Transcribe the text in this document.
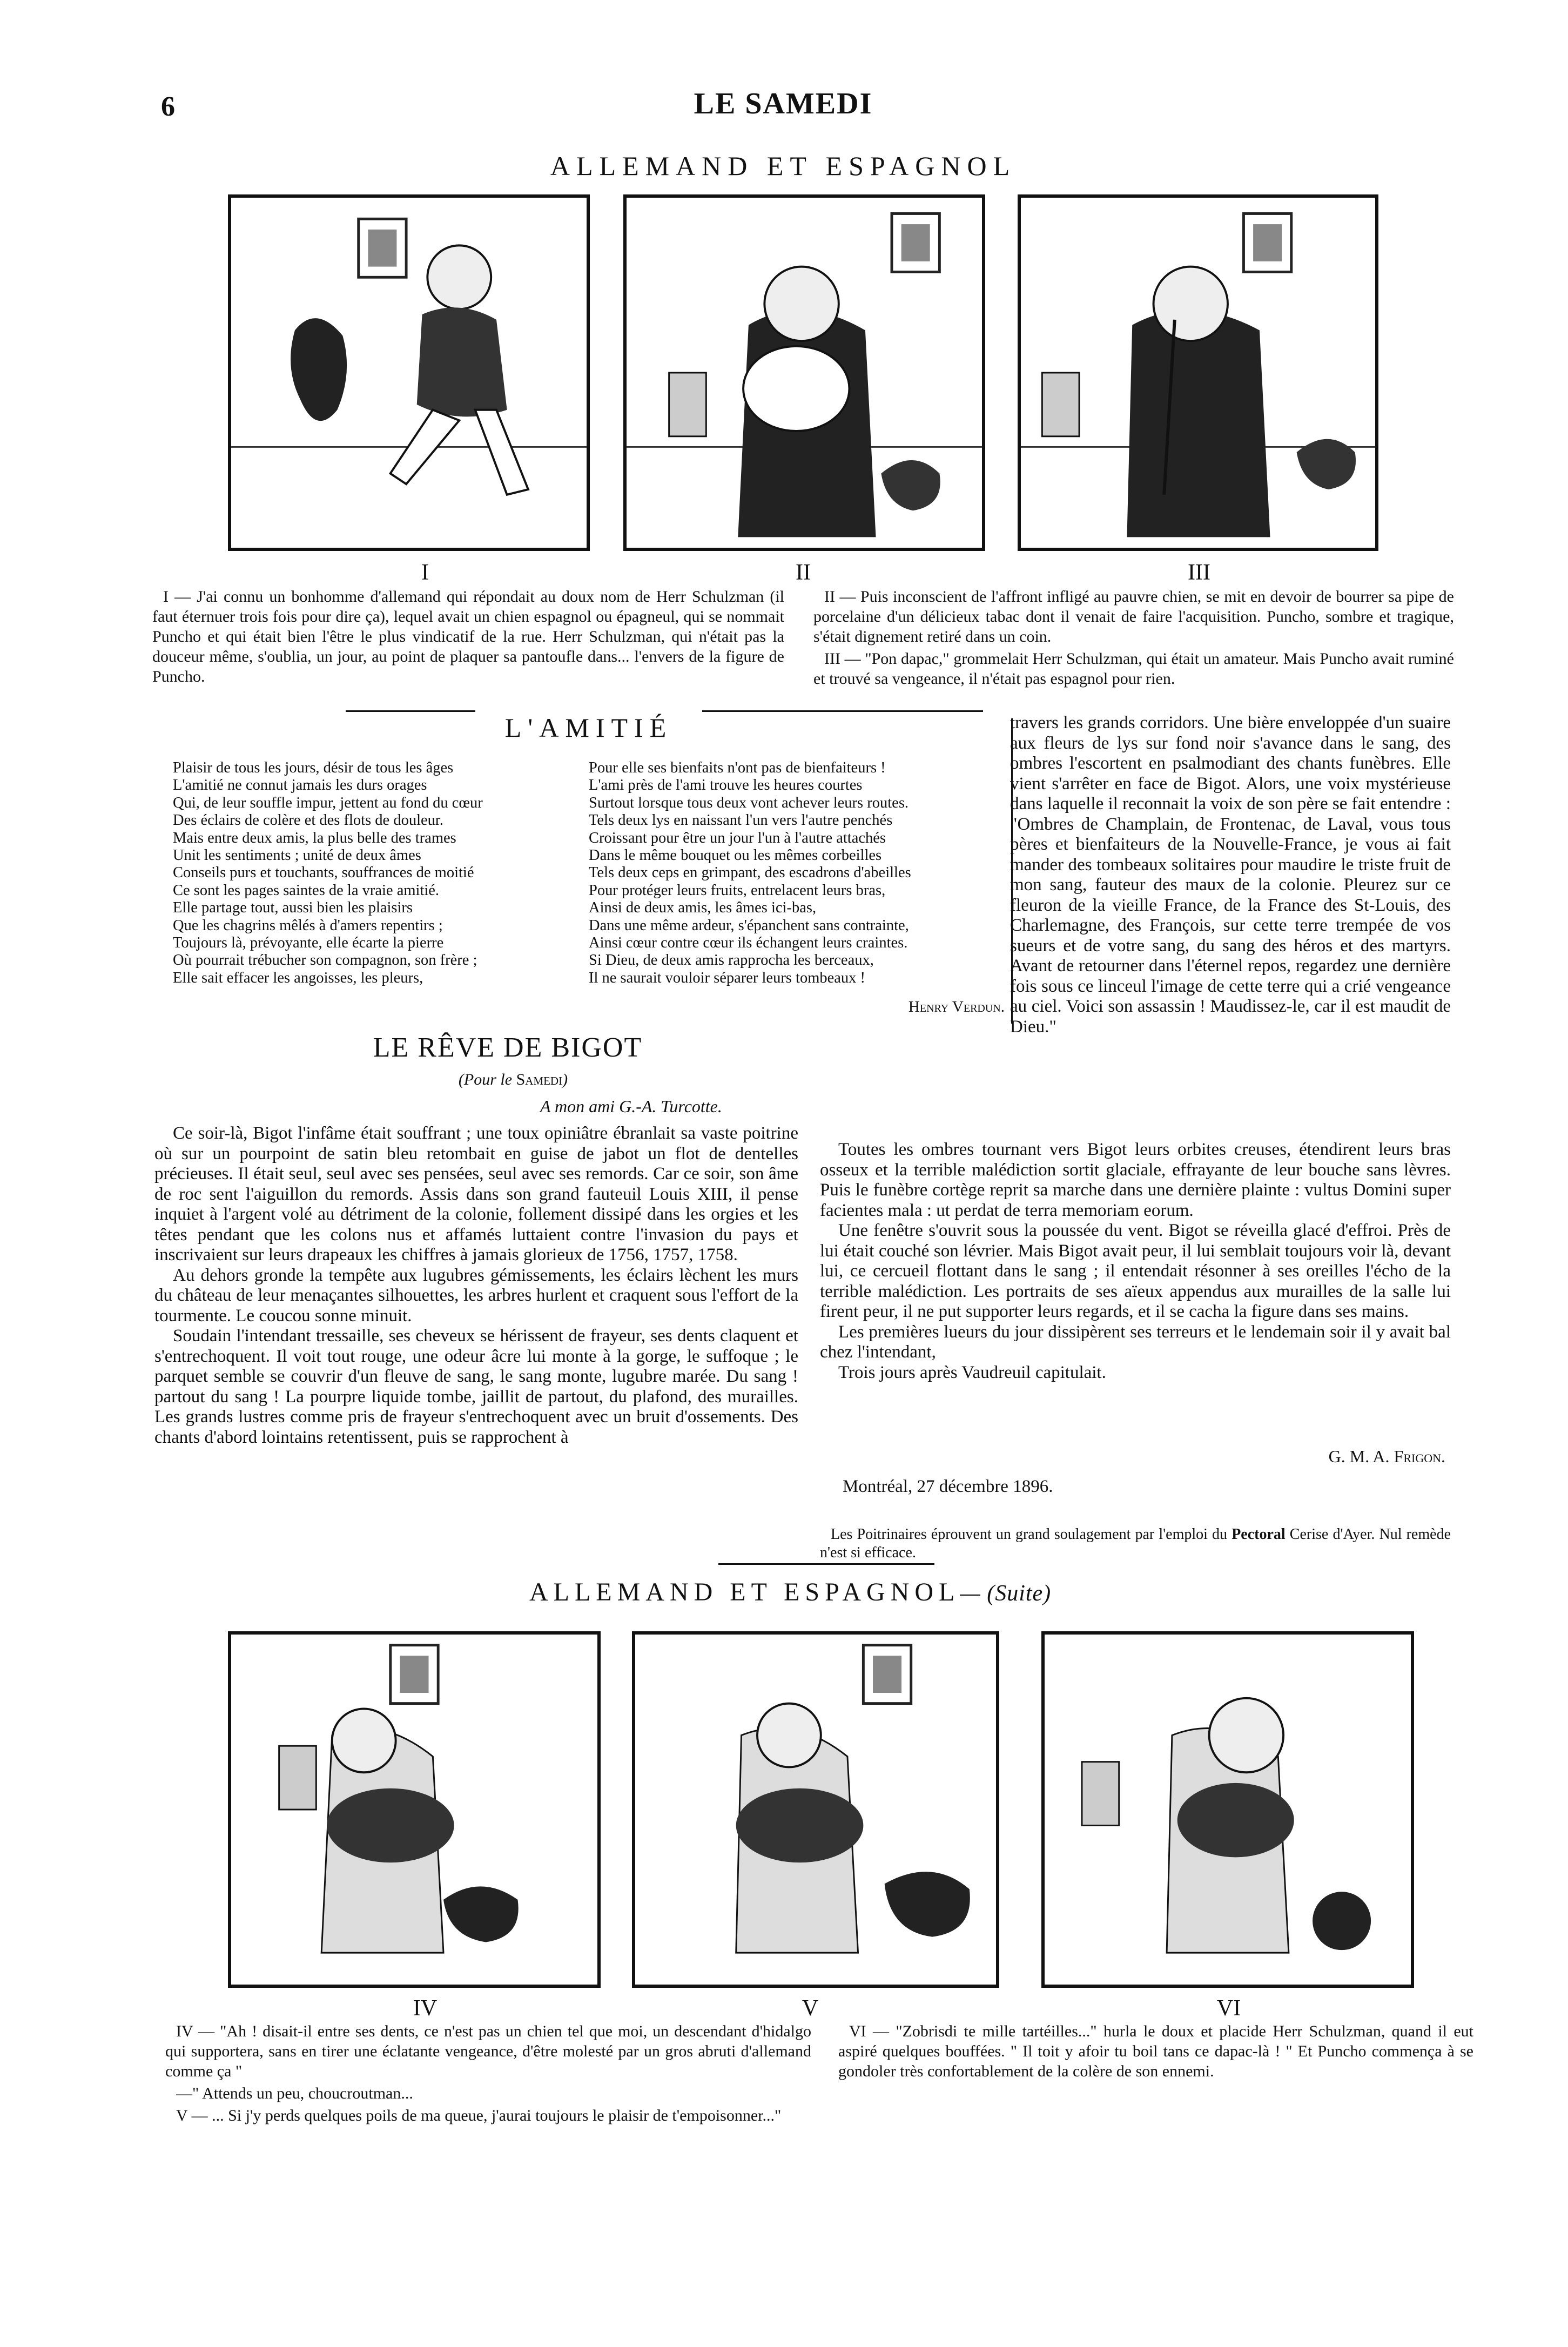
6	LE SAMEDI
ALLEMAND ET ESPAGNOL
I	II	III

I — J'ai connu un bonhomme d'allemand qui répondait au doux nom de Herr Schulzman (il faut éternuer trois fois pour dire ça), lequel avait un chien espagnol ou épagneul, qui se nommait Puncho et qui était bien l'être le plus vindicatif de la rue. Herr Schulzman, qui n'était pas la douceur même, s'oublia, un jour, au point de plaquer sa pantoufle dans... l'envers de la figure de Puncho.

II — Puis inconscient de l'affront infligé au pauvre chien, se mit en devoir de bourrer sa pipe de porcelaine d'un délicieux tabac dont il venait de faire l'acquisition. Puncho, sombre et tragique, s'était dignement retiré dans un coin.

III — "Pon dapac," grommelait Herr Schulzman, qui était un amateur. Mais Puncho avait ruminé et trouvé sa vengeance, il n'était pas espagnol pour rien.

L'AMITIÉ
Plaisir de tous les jours, désir de tous les âges
L'amitié ne connut jamais les durs orages
Qui, de leur souffle impur, jettent au fond du cœur
Des éclairs de colère et des flots de douleur.
Mais entre deux amis, la plus belle des trames
Unit les sentiments ; unité de deux âmes
Conseils purs et touchants, souffrances de moitié
Ce sont les pages saintes de la vraie amitié.
Elle partage tout, aussi bien les plaisirs
Que les chagrins mêlés à d'amers repentirs ;
Toujours là, prévoyante, elle écarte la pierre
Où pourrait trébucher son compagnon, son frère ;
Elle sait effacer les angoisses, les pleurs,
Pour elle ses bienfaits n'ont pas de bienfaiteurs !
L'ami près de l'ami trouve les heures courtes
Surtout lorsque tous deux vont achever leurs routes.
Tels deux lys en naissant l'un vers l'autre penchés
Croissant pour être un jour l'un à l'autre attachés
Dans le même bouquet ou les mêmes corbeilles
Tels deux ceps en grimpant, des escadrons d'abeilles
Pour protéger leurs fruits, entrelacent leurs bras,
Ainsi de deux amis, les âmes ici-bas,
Dans une même ardeur, s'épanchent sans contrainte,
Ainsi cœur contre cœur ils échangent leurs craintes.
Si Dieu, de deux amis rapprocha les berceaux,
Il ne saurait vouloir séparer leurs tombeaux !
Henry Verdun.
LE RÊVE DE BIGOT
(Pour le Samedi)
A mon ami G.-A. Turcotte.

Ce soir-là, Bigot l'infâme était souffrant ; une toux opiniâtre ébranlait sa vaste poitrine où sur un pourpoint de satin bleu retombait en guise de jabot un flot de dentelles précieuses. Il était seul, seul avec ses pensées, seul avec ses remords. Car ce soir, son âme de roc sent l'aiguillon du remords. Assis dans son grand fauteuil Louis XIII, il pense inquiet à l'argent volé au détriment de la colonie, follement dissipé dans les orgies et les têtes pendant que les colons nus et affamés luttaient contre l'invasion du pays et inscrivaient sur leurs drapeaux les chiffres à jamais glorieux de 1756, 1757, 1758.

Au dehors gronde la tempête aux lugubres gémissements, les éclairs lèchent les murs du château de leur menaçantes silhouettes, les arbres hurlent et craquent sous l'effort de la tourmente. Le coucou sonne minuit.

Soudain l'intendant tressaille, ses cheveux se hérissent de frayeur, ses dents claquent et s'entrechoquent. Il voit tout rouge, une odeur âcre lui monte à la gorge, le suffoque ; le parquet semble se couvrir d'un fleuve de sang, le sang monte, lugubre marée. Du sang ! partout du sang ! La pourpre liquide tombe, jaillit de partout, du plafond, des murailles. Les grands lustres comme pris de frayeur s'entrechoquent avec un bruit d'ossements. Des chants d'abord lointains retentissent, puis se rapprochent à

travers les grands corridors. Une bière enveloppée d'un suaire aux fleurs de lys sur fond noir s'avance dans le sang, des ombres l'escortent en psalmodiant des chants funèbres. Elle vient s'arrêter en face de Bigot. Alors, une voix mystérieuse dans laquelle il reconnait la voix de son père se fait entendre : "Ombres de Champlain, de Frontenac, de Laval, vous tous pères et bienfaiteurs de la Nouvelle-France, je vous ai fait mander des tombeaux solitaires pour maudire le triste fruit de mon sang, fauteur des maux de la colonie. Pleurez sur ce fleuron de la vieille France, de la France des St-Louis, des Charlemagne, des François, sur cette terre trempée de vos sueurs et de votre sang, du sang des héros et des martyrs. Avant de retourner dans l'éternel repos, regardez une dernière fois sous ce linceul l'image de cette terre qui a crié vengeance au ciel. Voici son assassin ! Maudissez-le, car il est maudit de Dieu."

Toutes les ombres tournant vers Bigot leurs orbites creuses, étendirent leurs bras osseux et la terrible malédiction sortit glaciale, effrayante de leur bouche sans lèvres. Puis le funèbre cortège reprit sa marche dans une dernière plainte : vultus Domini super facientes mala : ut perdat de terra memoriam eorum.

Une fenêtre s'ouvrit sous la poussée du vent. Bigot se réveilla glacé d'effroi. Près de lui était couché son lévrier. Mais Bigot avait peur, il lui semblait toujours voir là, devant lui, ce cercueil flottant dans le sang ; il entendait résonner à ses oreilles l'écho de la terrible malédiction. Les portraits de ses aïeux appendus aux murailles de la salle lui firent peur, il ne put supporter leurs regards, et il se cacha la figure dans ses mains.

Les premières lueurs du jour dissipèrent ses terreurs et le lendemain soir il y avait bal chez l'intendant,

Trois jours après Vaudreuil capitulait.

G. M. A. Frigon.
Montréal, 27 décembre 1896.

Les Poitrinaires éprouvent un grand soulagement par l'emploi du Pectoral Cerise d'Ayer. Nul remède n'est si efficace.

ALLEMAND ET ESPAGNOL— (Suite)
IV	V	VI

IV — "Ah ! disait-il entre ses dents, ce n'est pas un chien tel que moi, un descendant d'hidalgo qui supportera, sans en tirer une éclatante vengeance, d'être molesté par un gros abruti d'allemand comme ça "

—" Attends un peu, choucroutman...

V — ... Si j'y perds quelques poils de ma queue, j'aurai toujours le plaisir de t'empoisonner..."

VI — "Zobrisdi te mille tartéilles..." hurla le doux et placide Herr Schulzman, quand il eut aspiré quelques bouffées. " Il toit y afoir tu boil tans ce dapac-là ! " Et Puncho commença à se gondoler très confortablement de la colère de son ennemi.
